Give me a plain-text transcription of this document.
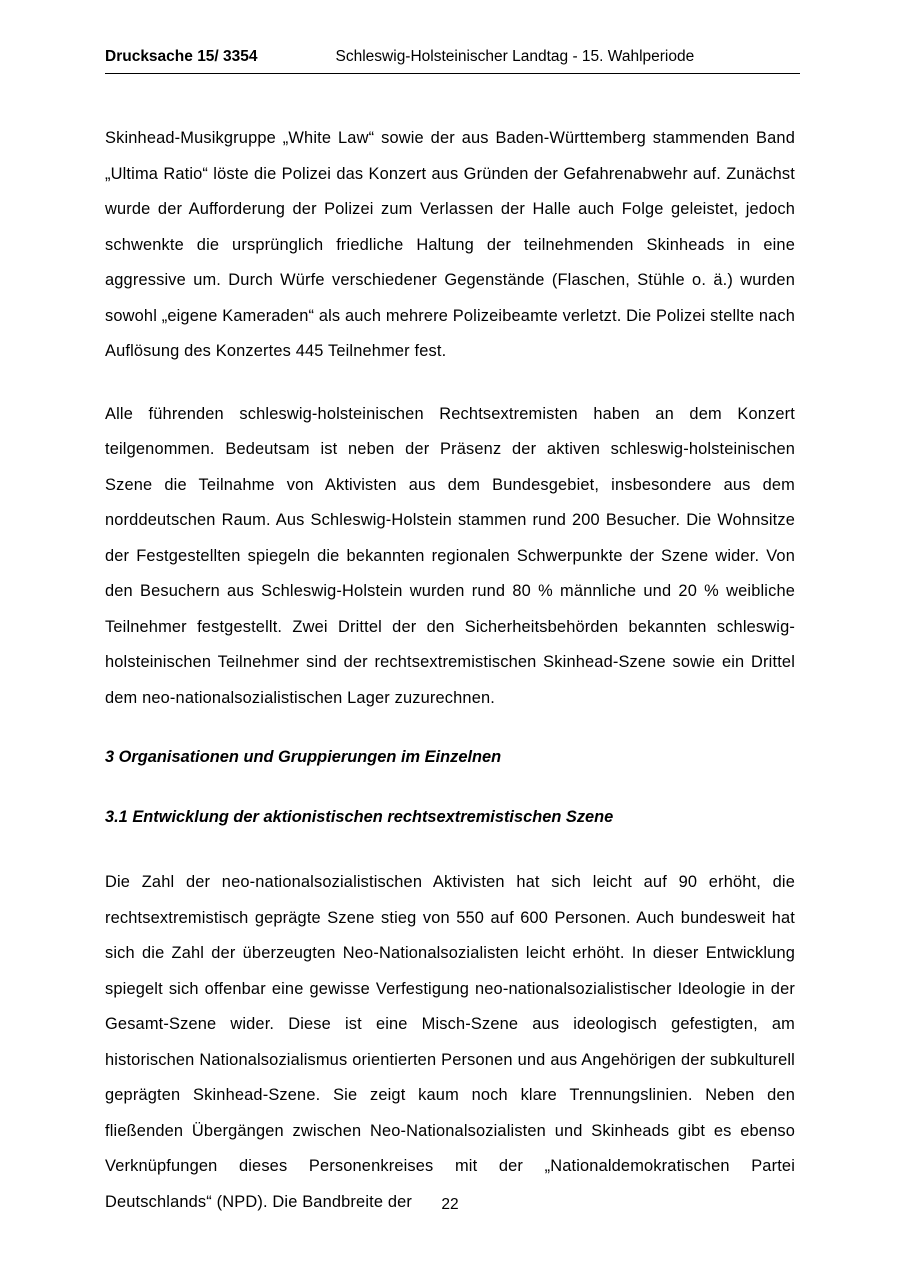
Drucksache 15/ 3354	Schleswig-Holsteinischer Landtag - 15. Wahlperiode

Skinhead-Musikgruppe „White Law“ sowie der aus Baden-Württemberg stammenden Band „Ultima Ratio“ löste die Polizei das Konzert aus Gründen der Gefahrenabwehr auf. Zunächst wurde der Aufforderung der Polizei zum Verlassen der Halle auch Folge geleistet, jedoch schwenkte die ursprünglich friedliche Haltung der teilnehmenden Skinheads in eine aggressive um. Durch Würfe verschiedener Gegenstände (Flaschen, Stühle o. ä.) wurden sowohl „eigene Kameraden“ als auch mehrere Polizeibeamte verletzt. Die Polizei stellte nach Auflösung des Konzertes 445 Teilnehmer fest.

Alle führenden schleswig-holsteinischen Rechtsextremisten haben an dem Konzert teilgenommen. Bedeutsam ist neben der Präsenz der aktiven schleswig-holsteinischen Szene die Teilnahme von Aktivisten aus dem Bundesgebiet, insbesondere aus dem norddeutschen Raum. Aus Schleswig-Holstein stammen rund 200 Besucher. Die Wohnsitze der Festgestellten spiegeln die bekannten regionalen Schwerpunkte der Szene wider. Von den Besuchern aus Schleswig-Holstein wurden rund 80 % männliche und 20 % weibliche Teilnehmer festgestellt. Zwei Drittel der den Sicherheitsbehörden bekannten schleswig-holsteinischen Teilnehmer sind der rechtsextremistischen Skinhead-Szene sowie ein Drittel dem neo-nationalsozialistischen Lager zuzurechnen.

3 Organisationen und Gruppierungen im Einzelnen
3.1 Entwicklung der aktionistischen rechtsextremistischen Szene

Die Zahl der neo-nationalsozialistischen Aktivisten hat sich leicht auf 90 erhöht, die rechtsextremistisch geprägte Szene stieg von 550 auf 600 Personen. Auch bundesweit hat sich die Zahl der überzeugten Neo-Nationalsozialisten leicht erhöht. In dieser Entwicklung spiegelt sich offenbar eine gewisse Verfestigung neo-nationalsozialistischer Ideologie in der Gesamt-Szene wider. Diese ist eine Misch-Szene aus ideologisch gefestigten, am historischen Nationalsozialismus orientierten Personen und aus Angehörigen der subkulturell geprägten Skinhead-Szene. Sie zeigt kaum noch klare Trennungslinien. Neben den fließenden Übergängen zwischen Neo-Nationalsozialisten und Skinheads gibt es ebenso Verknüpfungen dieses Personenkreises mit der „Nationaldemokratischen Partei Deutschlands“ (NPD). Die Bandbreite der	22
